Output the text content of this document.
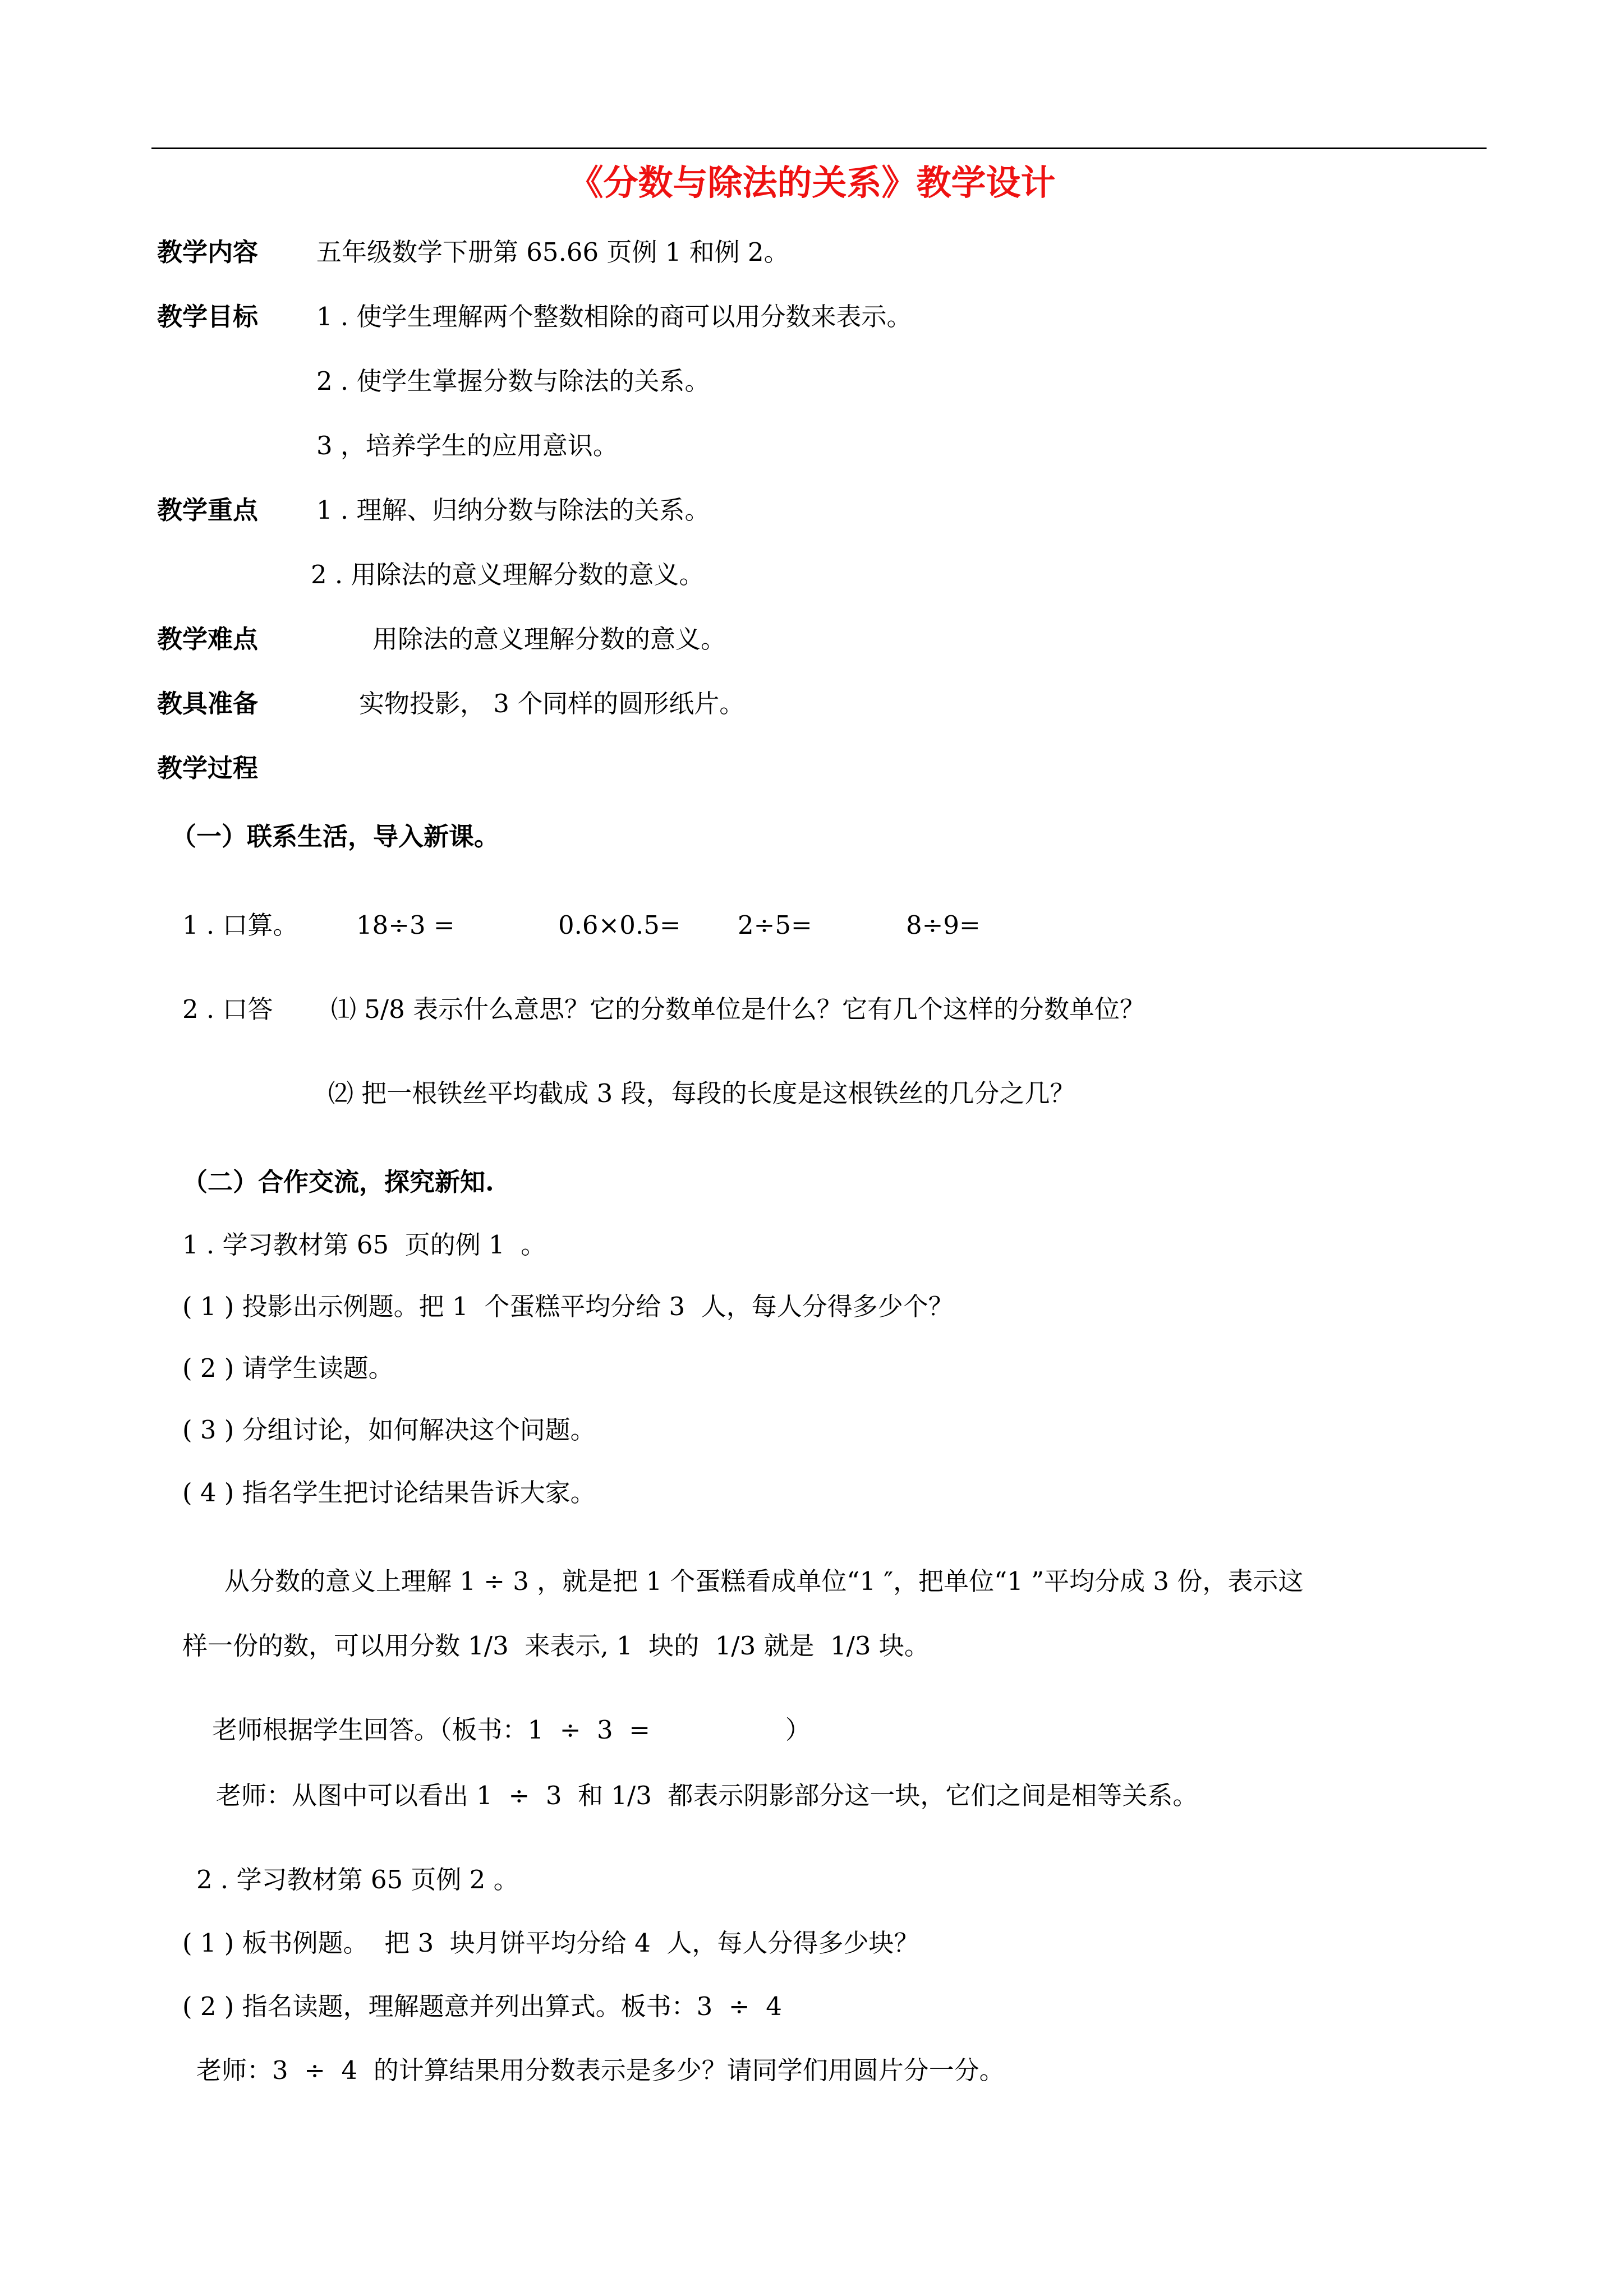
《分数与除法的关系》教学设计

教学内容

五年级数学下册第 65.66 页例 1 和例 2。

教学目标

1 . 使学生理解两个整数相除的商可以用分数来表示。

2 . 使学生掌握分数与除法的关系。
3 ，培养学生的应用意识。

教学重点

1 . 理解、归纳分数与除法的关系。

2 . 用除法的意义理解分数的意义。

教学难点

	用除法的意义理解分数的意义。

教具准备

	实物投影， 3 个同样的圆形纸片。

教学过程
（一）联系生活，导入新课。

1 . 口算。

18÷3 =

	0.6×0.5=

2÷5=

	8÷9=

2 . 口答

⑴ 5/8 表示什么意思？它的分数单位是什么？它有几个这样的分数单位？

⑵ 把一根铁丝平均截成 3 段，每段的长度是这根铁丝的几分之几？
（二）合作交流，探究新知.
1 . 学习教材第 65  页的例 1  。
( 1 ) 投影出示例题。把 1  个蛋糕平均分给 3  人，每人分得多少个？
( 2 ) 请学生读题。
( 3 ) 分组讨论，如何解决这个问题。
( 4 ) 指名学生把讨论结果告诉大家。
从分数的意义上理解 1 ÷ 3 ，就是把 1 个蛋糕看成单位“1 ″，把单位“1 ”平均分成 3 份，表示这
样一份的数，可以用分数 1/3  来表示, 1  块的  1/3 就是  1/3 块。

老师根据学生回答。（板书：1  ÷  3  =

	）

老师：从图中可以看出 1  ÷  3  和 1/3  都表示阴影部分这一块，它们之间是相等关系。
2 . 学习教材第 65 页例 2 。
( 1 ) 板书例题。  把 3  块月饼平均分给 4  人，每人分得多少块？
( 2 ) 指名读题，理解题意并列出算式。板书：3  ÷  4
老师：3  ÷  4  的计算结果用分数表示是多少？请同学们用圆片分一分。
